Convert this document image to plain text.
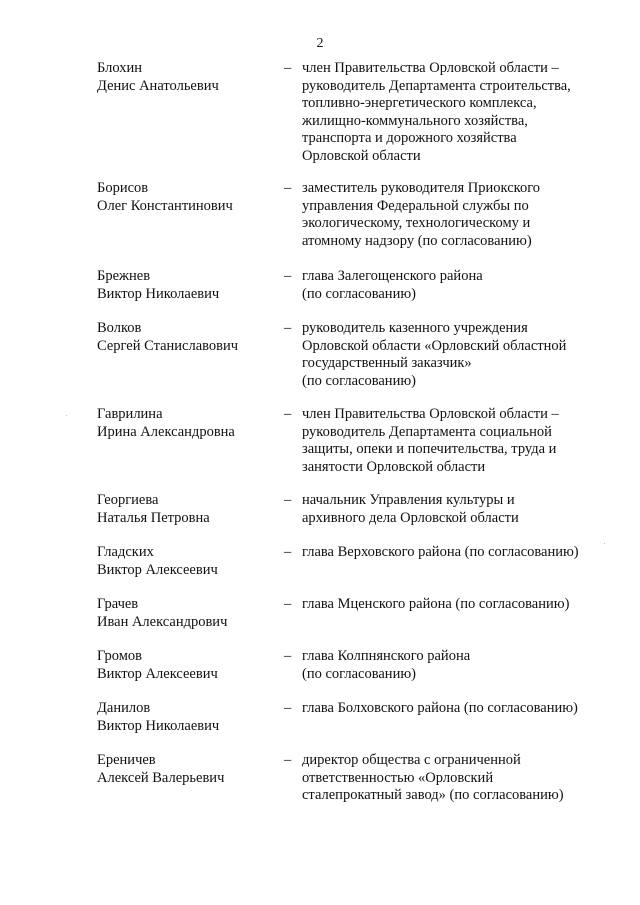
2
Блохин
Денис Анатольевич
– член Правительства Орловской области –
руководитель Департамента строительства,
топливно-энергетического комплекса,
жилищно-коммунального хозяйства,
транспорта и дорожного хозяйства
Орловской области
Борисов
Олег Константинович
– заместитель руководителя Приокского
управления Федеральной службы по
экологическому, технологическому и
атомному надзору (по согласованию)
Брежнев
Виктор Николаевич
– глава Залегощенского района
(по согласованию)
Волков
Сергей Станиславович
– руководитель казенного учреждения
Орловской области «Орловский областной
государственный заказчик»
(по согласованию)
Гаврилина
Ирина Александровна
– член Правительства Орловской области –
руководитель Департамента социальной
защиты, опеки и попечительства, труда и
занятости Орловской области
Георгиева
Наталья Петровна
– начальник Управления культуры и
архивного дела Орловской области
Гладских
Виктор Алексеевич
– глава Верховского района (по согласованию)
Грачев
Иван Александрович
– глава Мценского района (по согласованию)
Громов
Виктор Алексеевич
– глава Колпнянского района
(по согласованию)
Данилов
Виктор Николаевич
– глава Болховского района (по согласованию)
Ереничев
Алексей Валерьевич
– директор общества с ограниченной
ответственностью «Орловский
сталепрокатный завод» (по согласованию)
